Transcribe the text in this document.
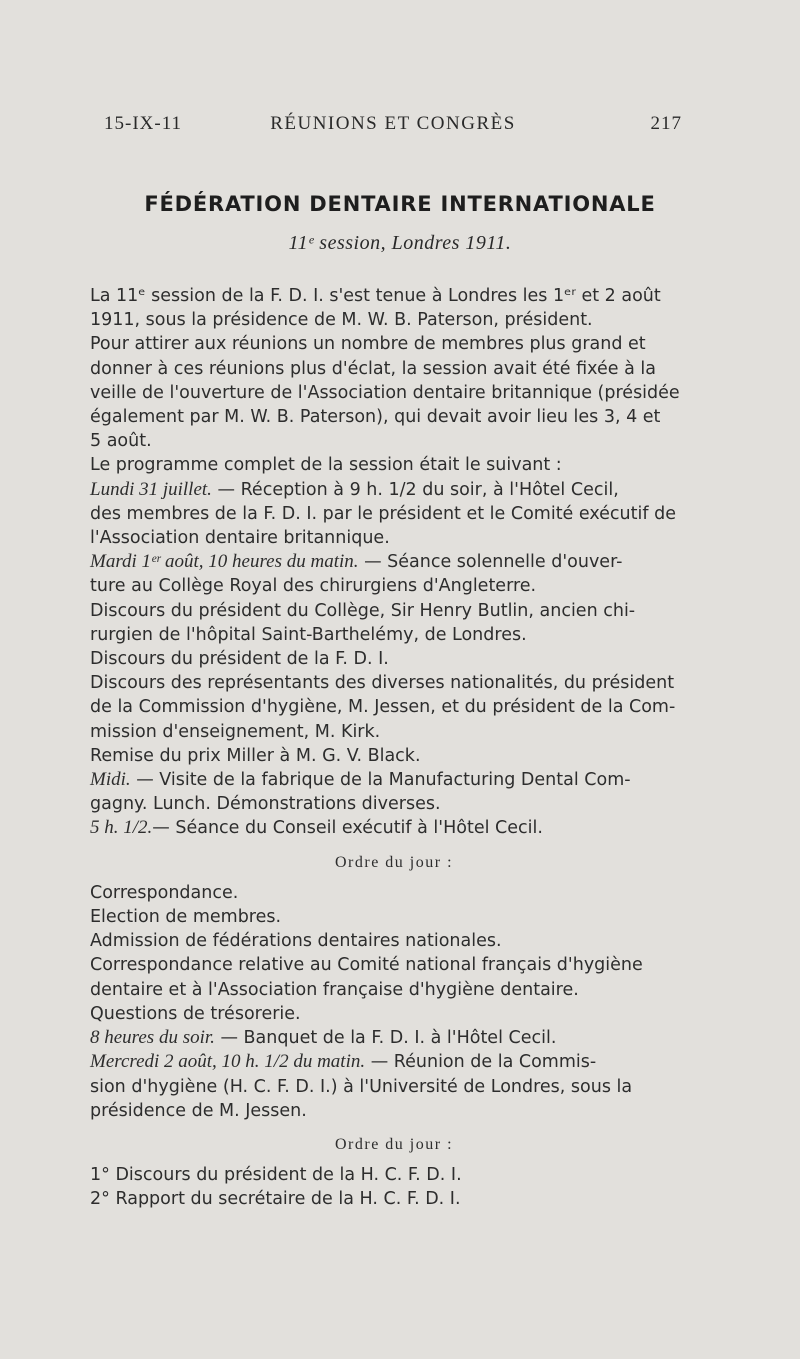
15-IX-11	RÉUNIONS ET CONGRÈS	217
FÉDÉRATION DENTAIRE INTERNATIONALE
11ᵉ session, Londres 1911.
La 11ᵉ session de la F. D. I. s'est tenue à Londres les 1ᵉʳ et 2 août
1911, sous la présidence de M. W. B. Paterson, président.
Pour attirer aux réunions un nombre de membres plus grand et
donner à ces réunions plus d'éclat, la session avait été fixée à la
veille de l'ouverture de l'Association dentaire britannique (présidée
également par M. W. B. Paterson), qui devait avoir lieu les 3, 4 et
5 août.
Le programme complet de la session était le suivant :
Lundi 31 juillet. — Réception à 9 h. 1/2 du soir, à l'Hôtel Cecil,
des membres de la F. D. I. par le président et le Comité exécutif de
l'Association dentaire britannique.
Mardi 1ᵉʳ août, 10 heures du matin. — Séance solennelle d'ouver-
ture au Collège Royal des chirurgiens d'Angleterre.
Discours du président du Collège, Sir Henry Butlin, ancien chi-
rurgien de l'hôpital Saint-Barthelémy, de Londres.
Discours du président de la F. D. I.
Discours des représentants des diverses nationalités, du président
de la Commission d'hygiène, M. Jessen, et du président de la Com-
mission d'enseignement, M. Kirk.
Remise du prix Miller à M. G. V. Black.
Midi. — Visite de la fabrique de la Manufacturing Dental Com-
gagny. Lunch. Démonstrations diverses.
5 h. 1/2.— Séance du Conseil exécutif à l'Hôtel Cecil.
Ordre du jour :
Correspondance.
Election de membres.
Admission de fédérations dentaires nationales.
Correspondance relative au Comité national français d'hygiène
dentaire et à l'Association française d'hygiène dentaire.
Questions de trésorerie.
8 heures du soir. — Banquet de la F. D. I. à l'Hôtel Cecil.
Mercredi 2 août, 10 h. 1/2 du matin. — Réunion de la Commis-
sion d'hygiène (H. C. F. D. I.) à l'Université de Londres, sous la
présidence de M. Jessen.
Ordre du jour :
1° Discours du président de la H. C. F. D. I.
2° Rapport du secrétaire de la H. C. F. D. I.
